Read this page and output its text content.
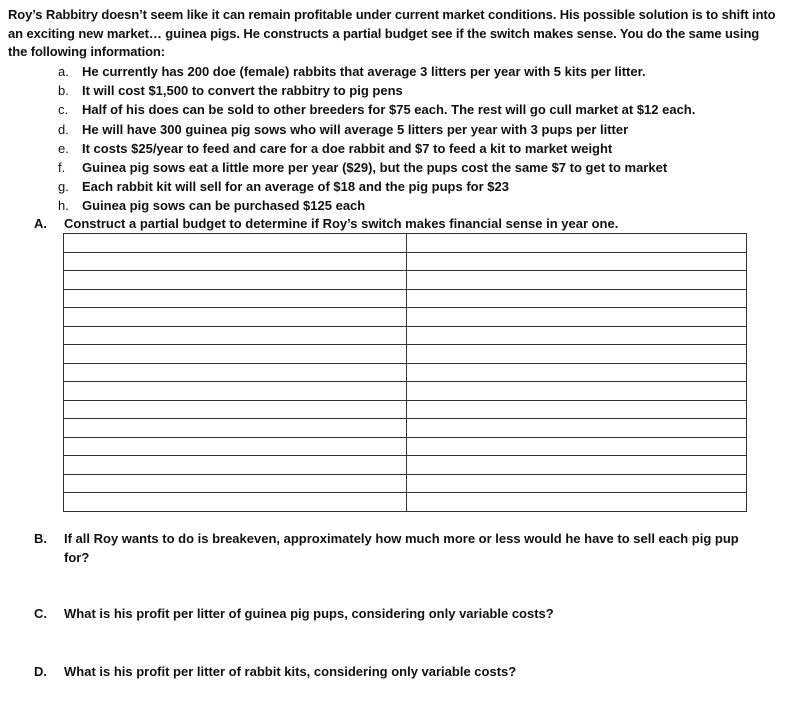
Roy’s Rabbitry doesn’t seem like it can remain profitable under current market conditions. His possible solution is to shift into an exciting new market… guinea pigs. He constructs a partial budget see if the switch makes sense. You do the same using the following information:
a.	He currently has 200 doe (female) rabbits that average 3 litters per year with 5 kits per litter.
b.	It will cost $1,500 to convert the rabbitry to pig pens
c.	Half of his does can be sold to other breeders for $75 each. The rest will go cull market at $12 each.
d.	He will have 300 guinea pig sows who will average 5 litters per year with 3 pups per litter
e.	It costs $25/year to feed and care for a doe rabbit and $7 to feed a kit to market weight
f.	Guinea pig sows eat a little more per year ($29), but the pups cost the same $7 to get to market
g.	Each rabbit kit will sell for an average of $18 and the pig pups for $23
h.	Guinea pig sows can be purchased $125 each
A.	Construct a partial budget to determine if Roy’s switch makes financial sense in year one.

B.	If all Roy wants to do is breakeven, approximately how much more or less would he have to sell each pig pup for?
C.	What is his profit per litter of guinea pig pups, considering only variable costs?
D.	What is his profit per litter of rabbit kits, considering only variable costs?
